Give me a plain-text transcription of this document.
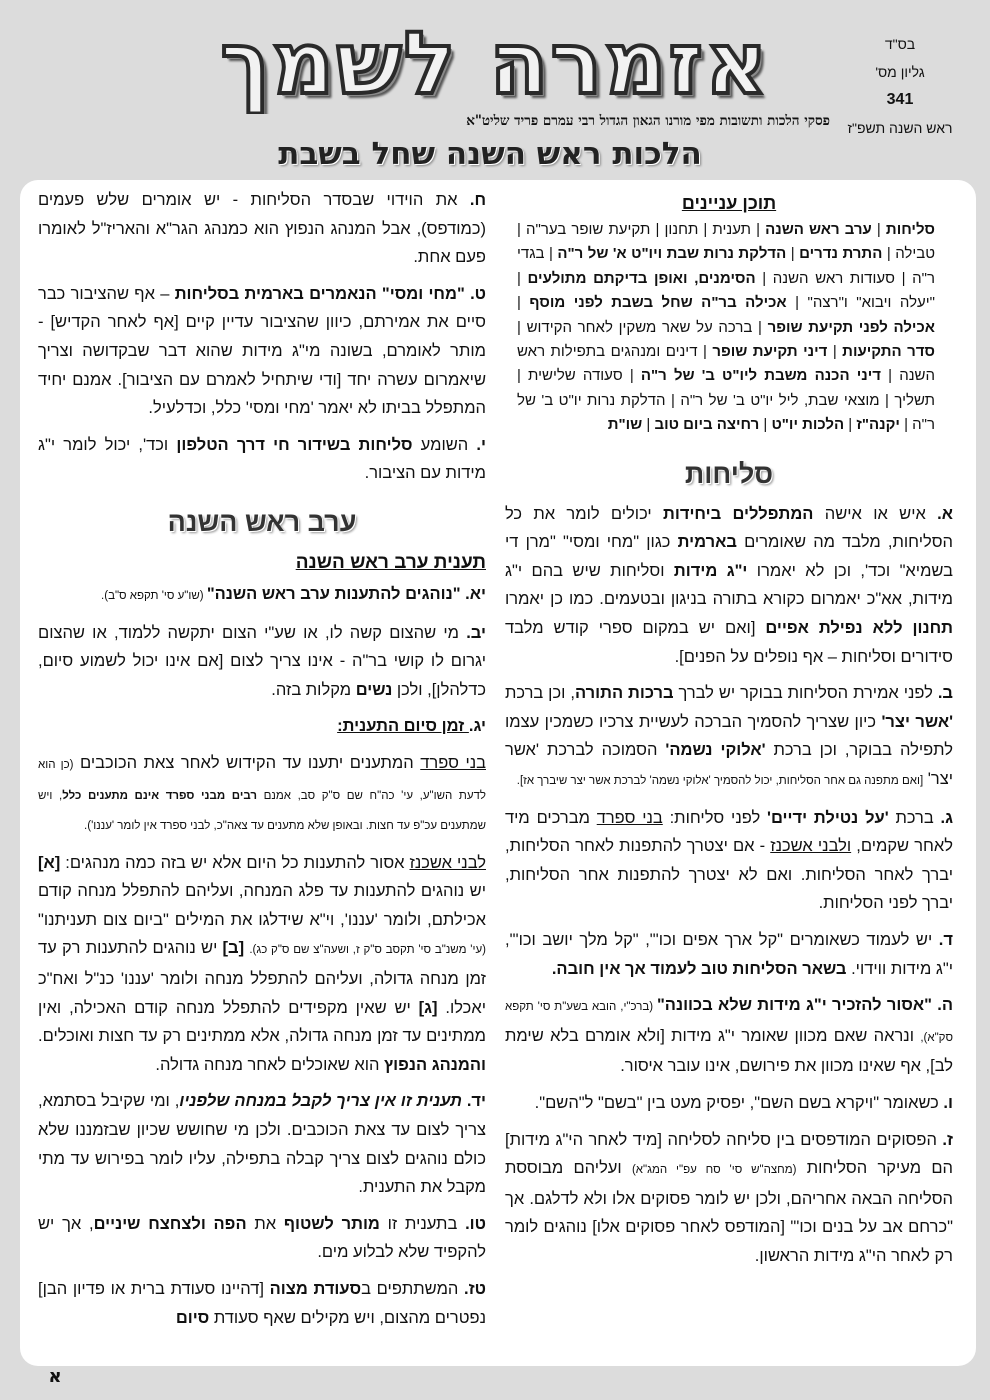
אזמרה לשמך
פסקי הלכות ותשובות מפי מורנו הגאון הגדול רבי עמרם פריד שליט"א
הלכות ראש השנה שחל בשבת
בס"ד
גליון מס'
341
ראש השנה תשפ"ז
תוכן עניינים
סליחות | ערב ראש השנה | תענית | תחנון | תקיעת שופר בער"ה | טבילה | התרת נדרים | הדלקת נרות שבת ויו"ט א' של ר"ה | בגדי ר"ה | סעודות ראש השנה | הסימנים, ואופן בדיקתם מתולעים | "יעלה ויבוא" ו"רצה" | אכילה בר"ה שחל בשבת לפני מוסף | אכילה לפני תקיעת שופר | ברכה על שאר משקין לאחר הקידוש | סדר התקיעות | דיני תקיעת שופר | דינים ומנהגים בתפילות ראש השנה | דיני הכנה משבת ליו"ט ב' של ר"ה | סעודה שלישית | תשליך | מוצאי שבת, ליל יו"ט ב' של ר"ה | הדלקת נרות יו"ט ב' של ר"ה | יקנה"ז | הלכות יו"ט | רחיצה ביום טוב | שו"ת
סליחות

א. איש או אישה המתפללים ביחידות יכולים לומר את כל הסליחות, מלבד מה שאומרים בארמית כגון "מחי ומסי" "מרן די בשמיא" וכד', וכן לא יאמרו י"ג מידות וסליחות שיש בהם י"ג מידות, אא"כ יאמרום כקורא בתורה בניגון ובטעמים. כמו כן יאמרו תחנון ללא נפילת אפיים [ואם יש במקום ספרי קודש מלבד סידורים וסליחות – אף נופלים על הפנים].

ב. לפני אמירת הסליחות בבוקר יש לברך ברכות התורה, וכן ברכת 'אשר יצר' כיון שצריך להסמיך הברכה לעשיית צרכיו כשמכין עצמו לתפילה בבוקר, וכן ברכת 'אלוקי נשמה' הסמוכה לברכת 'אשר יצר' [ואם מתפנה גם אחר הסליחות, יכול להסמיך 'אלוקי נשמה' לברכת אשר יצר שיברך אז].

ג. ברכת 'על נטילת ידיים' לפני סליחות: בני ספרד מברכים מיד לאחר שקמים, ולבני אשכנז - אם יצטרך להתפנות לאחר הסליחות, יברך לאחר הסליחות. ואם לא יצטרך להתפנות אחר הסליחות, יברך לפני הסליחות.

ד. יש לעמוד כשאומרים "קל ארך אפים וכו'", "קל מלך יושב וכו'", י"ג מידות ווידוי. בשאר הסליחות טוב לעמוד אך אין חובה.

ה. "אסור להזכיר י"ג מידות שלא בכוונה" (ברכ"י, הובא בשע"ת סי' תקפא סק"א), ונראה שאם מכוון שאומר י"ג מידות [ולא אומרם בלא שימת לב], אף שאינו מכוון את פירושם, אינו עובר איסור.

ו. כשאומר "ויקרא בשם השם", יפסיק מעט בין "בשם" ל"השם".

ז. הפסוקים המודפסים בין סליחה לסליחה [מיד לאחר הי"ג מידות] הם מעיקר הסליחות (מחצה"ש סי' סח עפ"י המג"א) ועליהם מבוססת הסליחה הבאה אחריהם, ולכן יש לומר פסוקים אלו ולא לדלגם. אך "כרחם אב על בנים וכו'" [המודפס לאחר פסוקים אלו] נוהגים לומר רק לאחר הי"ג מידות הראשון.

ח. את הוידוי שבסדר הסליחות - יש אומרים שלש פעמים (כמודפס), אבל המנהג הנפוץ הוא כמנהג הגר"א והאריז"ל לאומרו פעם אחת.

ט. "מחי ומסי" הנאמרים בארמית בסליחות – אף שהציבור כבר סיים את אמירתם, כיוון שהציבור עדיין קיים [אף לאחר הקדיש] - מותר לאומרם, בשונה מי"ג מידות שהוא דבר שבקדושה וצריך שיאמרום עשרה יחד [ודי שיתחיל לאמרם עם הציבור]. אמנם יחיד המתפלל בביתו לא יאמר 'מחי ומסי' כלל, וכדלעיל.

י. השומע סליחות בשידור חי דרך הטלפון וכד', יכול לומר י"ג מידות עם הציבור.

ערב ראש השנה
תענית ערב ראש השנה

יא. "נוהגים להתענות ערב ראש השנה" (שו"ע סי' תקפא ס"ב).

יב. מי שהצום קשה לו, או שע"י הצום יתקשה ללמוד, או שהצום יגרום לו קושי בר"ה - אינו צריך לצום [אם אינו יכול לשמוע סיום, כדלהלן], ולכן נשים מקלות בזה.

יג. זמן סיום התענית:

בני ספרד המתענים יתענו עד הקידוש לאחר צאת הכוכבים (כן הוא לדעת השו"ע, עי' כה"ח שם ס"ק סב, אמנם רבים מבני ספרד אינם מתענים כלל, ויש שמתענים עכ"פ עד חצות. ובאופן שלא מתענים עד צאה"כ, לבני ספרד אין לומר 'עננו').

לבני אשכנז אסור להתענות כל היום אלא יש בזה כמה מנהגים: [א] יש נוהגים להתענות עד פלג המנחה, ועליהם להתפלל מנחה קודם אכילתם, ולומר 'עננו', וי"א שידלגו את המילים "ביום צום תעניתנו" (עי' משנ"ב סי' תקסב ס"ק ז, ושעה"צ שם ס"ק כג). [ב] יש נוהגים להתענות רק עד זמן מנחה גדולה, ועליהם להתפלל מנחה ולומר 'עננו' כנ"ל ואח"כ יאכלו. [ג] יש שאין מקפידים להתפלל מנחה קודם האכילה, ואין ממתינים עד זמן מנחה גדולה, אלא ממתינים רק עד חצות ואוכלים. והמנהג הנפוץ הוא שאוכלים לאחר מנחה גדולה.

יד. תענית זו אין צריך לקבל במנחה שלפניו, ומי שקיבל בסתמא, צריך לצום עד צאת הכוכבים. ולכן מי שחושש שכיון שבזמננו שלא כולם נוהגים לצום צריך קבלה בתפילה, עליו לומר בפירוש עד מתי מקבל את התענית.

טו. בתענית זו מותר לשטוף את הפה ולצחצח שיניים, אך יש להקפיד שלא לבלוע מים.

טז. המשתתפים בסעודת מצוה [דהיינו סעודת ברית או פדיון הבן] נפטרים מהצום, ויש מקילים שאף סעודת סיום

א
